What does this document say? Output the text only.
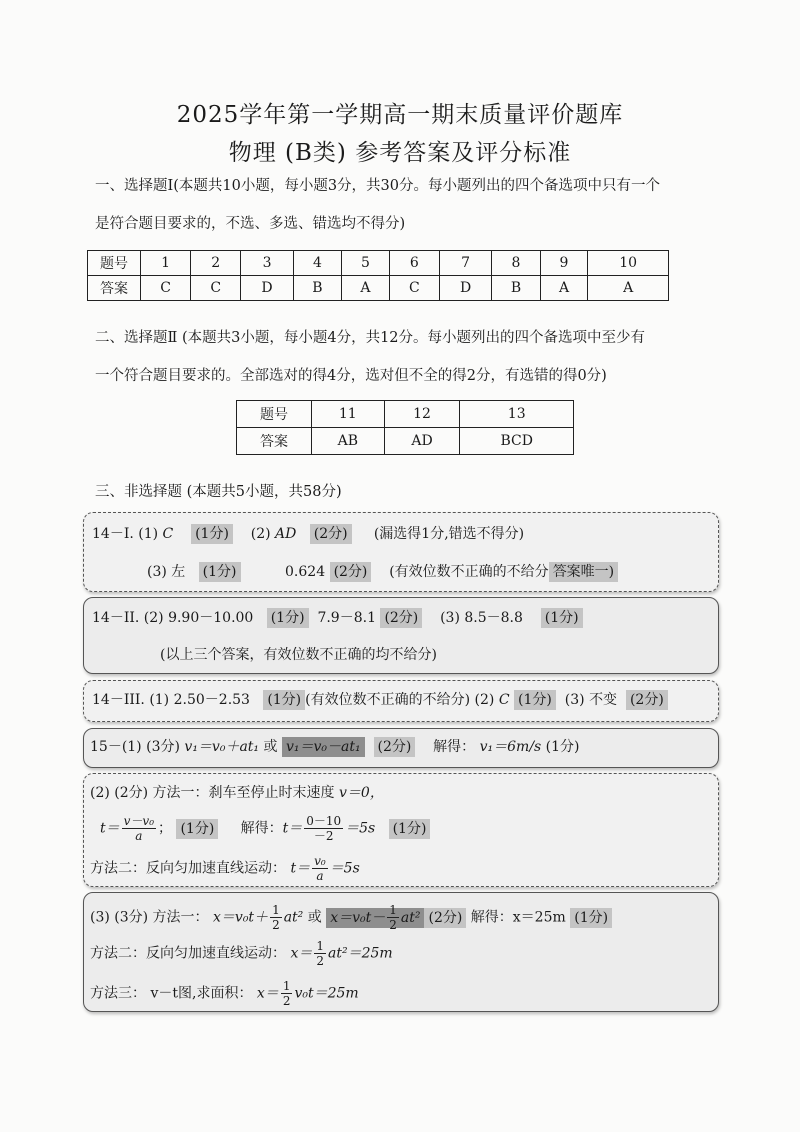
2025学年第一学期高一期末质量评价题库
物理 (B类) 参考答案及评分标准
一、选择题I(本题共10小题，每小题3分，共30分。每小题列出的四个备选项中只有一个
是符合题目要求的，不选、多选、错选均不得分)
题号	1	2	3	4	5	6	7	8	9	10
答案	C	C	D	B	A	C	D	B	A	A
二、选择题Ⅱ (本题共3小题，每小题4分，共12分。每小题列出的四个备选项中至少有
一个符合题目要求的。全部选对的得4分，选对但不全的得2分，有选错的得0分)
题号	11	12	13
答案	AB	AD	BCD
三、非选择题 (本题共5小题，共58分)
14－I. (1) C (1分) (2) AD (2分) (漏选得1分,错选不得分)
(3) 左 (1分)	0.624 (2分) (有效位数不正确的不给分 答案唯一)
14－II. (2) 9.90－10.00 (1分) 7.9－8.1 (2分) (3) 8.5－8.8 (1分)
(以上三个答案，有效位数不正确的均不给分)
14－III. (1) 2.50－2.53 (1分) (有效位数不正确的不给分) (2) C (1分) (3) 不变 (2分)
15－(1) (3分) v₁＝v₀＋at₁ 或 v₁＝v₀－at₁ (2分) 解得： v₁＝6m/s (1分)
(2) (2分) 方法一：刹车至停止时末速度 v＝0，
$t= \frac{\text{v－v₀}}{a}$ ； (1分) 解得：$t= \frac{0-10}{-2} =5s$ (1分)
方法二：反向匀加速直线运动： $t= \frac{\text{v₀}}{a} =5s$
(3) (3分) 方法一： $x=v_0t+ \frac{1}{2} at^2$ 或 $x=v_0t- \frac{1}{2} at^2$ (2分) 解得：x＝25m (1分)
方法二：反向匀加速直线运动： $x= \frac{1}{2} at^2=25m$
方法三： v－t图,求面积： $x= \frac{1}{2} v_0t=25m$
